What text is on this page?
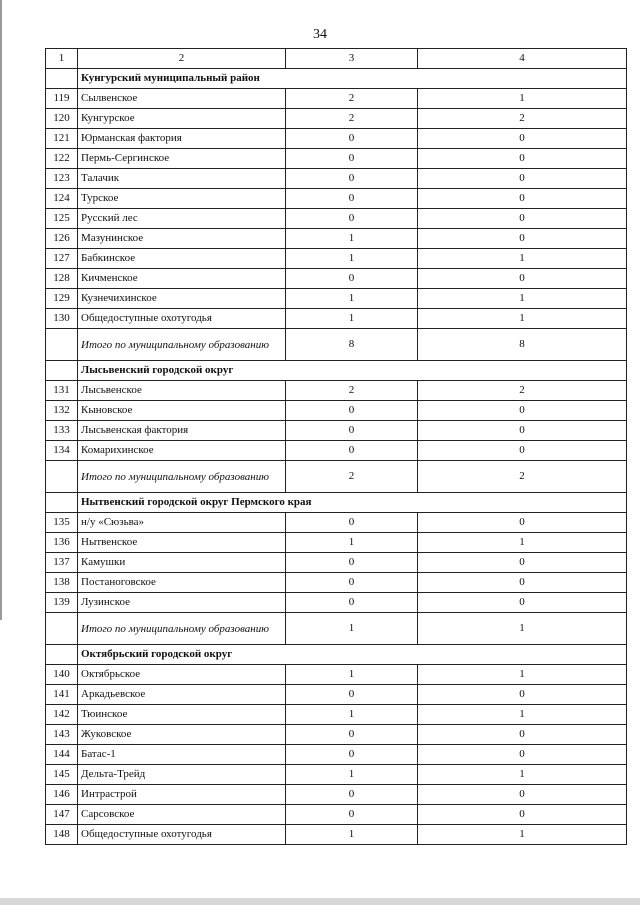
34
1	2	3	4
	Кунгурский муниципальный район		
119	Сылвенское	2	1
120	Кунгурское	2	2
121	Юрманская фактория	0	0
122	Пермь-Сергинское	0	0
123	Талачик	0	0
124	Турское	0	0
125	Русский лес	0	0
126	Мазунинское	1	0
127	Бабкинское	1	1
128	Кичменское	0	0
129	Кузнечихинское	1	1
130	Общедоступные охотугодья	1	1
	Итого по муниципальному образованию	8	8
	Лысьвенский городской округ		
131	Лысьвенское	2	2
132	Кыновское	0	0
133	Лысьвенская фактория	0	0
134	Комарихинское	0	0
	Итого по муниципальному образованию	2	2
	Нытвенский городской округ Пермского края		
135	н/у «Сюзьва»	0	0
136	Нытвенское	1	1
137	Камушки	0	0
138	Постаноговское	0	0
139	Лузинское	0	0
	Итого по муниципальному образованию	1	1
	Октябрьский городской округ		
140	Октябрьское	1	1
141	Аркадьевское	0	0
142	Тюинское	1	1
143	Жуковское	0	0
144	Батас-1	0	0
145	Дельта-Трейд	1	1
146	Интрастрой	0	0
147	Сарсовское	0	0
148	Общедоступные охотугодья	1	1
